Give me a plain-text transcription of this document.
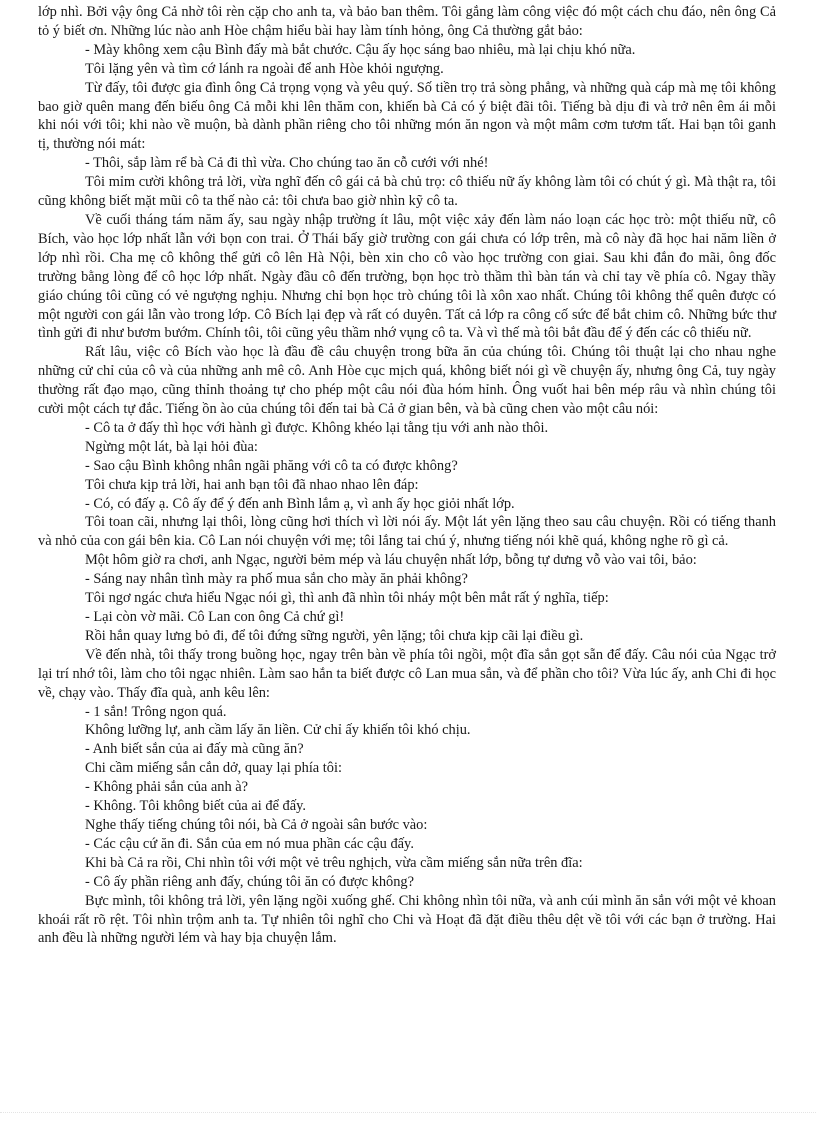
lớp nhì. Bởi vậy ông Cả nhờ tôi rèn cặp cho anh ta, và bảo ban thêm. Tôi gắng làm công việc đó một cách chu đáo, nên ông Cả tỏ ý biết ơn. Những lúc nào anh Hòe chậm hiểu bài hay làm tính hỏng, ông Cả thường gắt bảo:

- Mày không xem cậu Bình đấy mà bắt chước. Cậu ấy học sáng bao nhiêu, mà lại chịu khó nữa.

Tôi lặng yên và tìm cớ lánh ra ngoài để anh Hòe khỏi ngượng.

Từ đấy, tôi được gia đình ông Cả trọng vọng và yêu quý. Số tiền trọ trả sòng phẳng, và những quà cáp mà mẹ tôi không bao giờ quên mang đến biếu ông Cả mỗi khi lên thăm con, khiến bà Cả có ý biệt đãi tôi. Tiếng bà dịu đi và trở nên êm ái mỗi khi nói với tôi; khi nào về muộn, bà dành phần riêng cho tôi những món ăn ngon và một mâm cơm tươm tất. Hai bạn tôi ganh tị, thường nói mát:

- Thôi, sắp làm rể bà Cả đi thì vừa. Cho chúng tao ăn cỗ cưới với nhé!

Tôi mỉm cười không trả lời, vừa nghĩ đến cô gái cả bà chủ trọ: cô thiếu nữ ấy không làm tôi có chút ý gì. Mà thật ra, tôi cũng không biết mặt mũi cô ta thế nào cả: tôi chưa bao giờ nhìn kỹ cô ta.

Về cuối tháng tám năm ấy, sau ngày nhập trường ít lâu, một việc xảy đến làm náo loạn các học trò: một thiếu nữ, cô Bích, vào học lớp nhất lẫn với bọn con trai. Ở Thái bấy giờ trường con gái chưa có lớp trên, mà cô này đã học hai năm liền ở lớp nhì rồi. Cha mẹ cô không thể gửi cô lên Hà Nội, bèn xin cho cô vào học trường con giai. Sau khi đắn đo mãi, ông đốc trường bằng lòng để cô học lớp nhất. Ngày đầu cô đến trường, bọn học trò thầm thì bàn tán và chỉ tay về phía cô. Ngay thầy giáo chúng tôi cũng có vẻ ngượng nghịu. Nhưng chỉ bọn học trò chúng tôi là xôn xao nhất. Chúng tôi không thể quên được có một người con gái lẫn vào trong lớp. Cô Bích lại đẹp và rất có duyên. Tất cả lớp ra công cố sức để bắt chim cô. Những bức thư tình gửi đi như bươm bướm. Chính tôi, tôi cũng yêu thầm nhớ vụng cô ta. Và vì thế mà tôi bắt đầu để ý đến các cô thiếu nữ.

Rất lâu, việc cô Bích vào học là đầu đề câu chuyện trong bữa ăn của chúng tôi. Chúng tôi thuật lại cho nhau nghe những cử chỉ của cô và của những anh mê cô. Anh Hòe cục mịch quá, không biết nói gì về chuyện ấy, nhưng ông Cả, tuy ngày thường rất đạo mạo, cũng thỉnh thoảng tự cho phép một câu nói đùa hóm hỉnh. Ông vuốt hai bên mép râu và nhìn chúng tôi cười một cách tự đắc. Tiếng ồn ào của chúng tôi đến tai bà Cả ở gian bên, và bà cũng chen vào một câu nói:

- Cô ta ở đấy thì học với hành gì được. Không khéo lại tằng tịu với anh nào thôi.

Ngừng một lát, bà lại hỏi đùa:

- Sao cậu Bình không nhân ngãi phăng với cô ta có được không?

Tôi chưa kịp trả lời, hai anh bạn tôi đã nhao nhao lên đáp:

- Có, có đấy ạ. Cô ấy để ý đến anh Bình lắm ạ, vì anh ấy học giỏi nhất lớp.

Tôi toan cãi, nhưng lại thôi, lòng cũng hơi thích vì lời nói ấy. Một lát yên lặng theo sau câu chuyện. Rồi có tiếng thanh và nhỏ của con gái bên kia. Cô Lan nói chuyện với mẹ; tôi lắng tai chú ý, nhưng tiếng nói khẽ quá, không nghe rõ gì cả.

Một hôm giờ ra chơi, anh Ngạc, người bẻm mép và láu chuyện nhất lớp, bỗng tự dưng vỗ vào vai tôi, bảo:

- Sáng nay nhân tình mày ra phố mua sắn cho mày ăn phải không?

Tôi ngơ ngác chưa hiểu Ngạc nói gì, thì anh đã nhìn tôi nháy một bên mắt rất ý nghĩa, tiếp:

- Lại còn vờ mãi. Cô Lan con ông Cả chứ gì!

Rồi hắn quay lưng bỏ đi, để tôi đứng sững người, yên lặng; tôi chưa kịp cãi lại điều gì.

Về đến nhà, tôi thấy trong buồng học, ngay trên bàn về phía tôi ngồi, một đĩa sắn gọt sẵn để đấy. Câu nói của Ngạc trở lại trí nhớ tôi, làm cho tôi ngạc nhiên. Làm sao hắn ta biết được cô Lan mua sắn, và để phần cho tôi? Vừa lúc ấy, anh Chi đi học về, chạy vào. Thấy đĩa quà, anh kêu lên:

- 1 sắn! Trông ngon quá.

Không lưỡng lự, anh cầm lấy ăn liền. Cử chỉ ấy khiến tôi khó chịu.

- Anh biết sắn của ai đấy mà cũng ăn?

Chi cầm miếng sắn cắn dở, quay lại phía tôi:

- Không phải sắn của anh à?

- Không. Tôi không biết của ai để đấy.

Nghe thấy tiếng chúng tôi nói, bà Cả ở ngoài sân bước vào:

- Các cậu cứ ăn đi. Sắn của em nó mua phần các cậu đấy.

Khi bà Cả ra rồi, Chi nhìn tôi với một vẻ trêu nghịch, vừa cầm miếng sắn nữa trên đĩa:

- Cô ấy phần riêng anh đấy, chúng tôi ăn có được không?

Bực mình, tôi không trả lời, yên lặng ngồi xuống ghế. Chi không nhìn tôi nữa, và anh cúi mình ăn sắn với một vẻ khoan khoái rất rõ rệt. Tôi nhìn trộm anh ta. Tự nhiên tôi nghĩ cho Chi và Hoạt đã đặt điều thêu dệt về tôi với các bạn ở trường. Hai anh đều là những người lém và hay bịa chuyện lắm.
